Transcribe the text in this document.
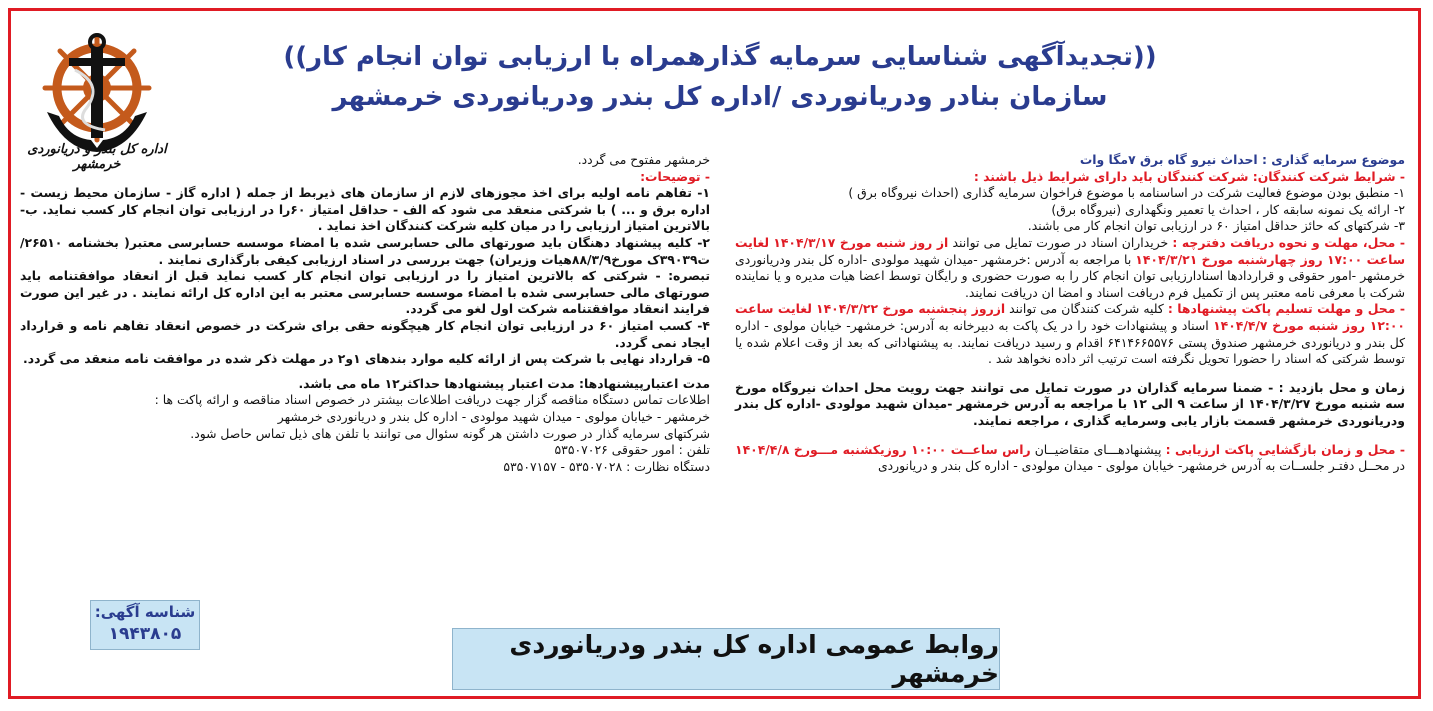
اداره کل بندر و دریانوردی خرمشهر
((تجدیدآگهی شناسایی سرمایه گذارهمراه با ارزیابی توان انجام کار))
سازمان بنادر ودریانوردی /اداره کل بندر ودریانوردی خرمشهر

موضوع سرمایه گذاری : احداث نیرو گاه برق ۷مگا وات

- شرایط شرکت کنندگان: شرکت کنندگان باید دارای شرایط ذیل باشند :

۱- منطبق بودن موضوع فعالیت شرکت در اساسنامه با موضوع فراخوان سرمایه گذاری (احداث نیروگاه برق )

۲- ارائه یک نمونه سابقه کار ، احداث یا تعمیر ونگهداری (نیروگاه برق)

۳- شرکتهای که حائز حداقل امتیاز ۶۰ در ارزیابی توان انجام کار می باشند.

- محل، مهلت و نحوه دریافت دفترچه : خریداران اسناد در صورت تمایل می توانند از روز شنبه مورخ ۱۴۰۴/۳/۱۷ لغایت ساعت ۱۷:۰۰ روز چهارشنبه مورخ ۱۴۰۴/۳/۲۱ با مراجعه به آدرس :خرمشهر -میدان شهید مولودی -اداره کل بندر ودریانوردی خرمشهر -امور حقوقی و قراردادها اسنادارزیابی توان انجام کار را به صورت حضوری و رایگان توسط اعضا هیات مدیره و یا نماینده شرکت با معرفی نامه معتبر پس از تکمیل فرم دریافت اسناد و امضا ان دریافت نمایند.

- محل و مهلت تسلیم پاکت پیشنهادها : کلیه شرکت کنندگان می توانند ازروز پنجشنبه مورخ ۱۴۰۴/۳/۲۲ لغایت ساعت ۱۲:۰۰ روز شنبه مورخ ۱۴۰۴/۴/۷ اسناد و پیشنهادات خود را در یک پاکت به دبیرخانه به آدرس: خرمشهر- خیابان مولوی - اداره کل بندر و دریانوردی خرمشهر صندوق پستی ۶۴۱۴۶۶۵۵۷۶ اقدام و رسید دریافت نمایند. به پیشنهاداتی که بعد از وقت اعلام شده یا توسط شرکتی که اسناد را حضورا تحویل نگرفته است ترتیب اثر داده نخواهد شد .

زمان و محل بازدید : - ضمنا سرمایه گذاران در صورت تمایل می توانند جهت رویت محل احداث نیروگاه مورخ سه شنبه مورخ ۱۴۰۴/۳/۲۷ از ساعت ۹ الی ۱۲ با مراجعه به آدرس خرمشهر -میدان شهید مولودی -اداره کل بندر ودریانوردی خرمشهر قسمت بازار یابی وسرمایه گذاری ، مراجعه نمایند.

- محل و زمان بازگشایی پاکت ارزیابی : پیشنهادهـــای متقاضیــان راس ساعــت ۱۰:۰۰ روزیکشنبه مـــورخ ۱۴۰۴/۴/۸ در محــل دفتـر جلســات به آدرس خرمشهر- خیابان مولوی - میدان مولودی - اداره کل بندر و دریانوردی

خرمشهر مفتوح می گردد.

- توضیحات:

۱- تفاهم نامه اولیه برای اخذ مجوزهای لازم از سازمان های ذیربط از جمله ( اداره گاز - سازمان محیط زیست - اداره برق و ... ) با شرکتی منعقد می شود که الف - حداقل امتیاز ۶۰را در ارزیابی توان انجام کار کسب نماید. ب- بالاترین امتیاز ارزیابی را در میان کلیه شرکت کنندگان اخذ نماید .

۲- کلیه پیشنهاد دهنگان باید صورتهای مالی حسابرسی شده با امضاء موسسه حسابرسی معتبر( بخشنامه ۲۶۵۱۰/ت۳۹۰۳۹ک مورخ۸۸/۳/۹هیات وزیران) جهت بررسی در اسناد ارزیابی کیفی بارگذاری نمایند .

تبصره: - شرکتی که بالاترین امتیاز را در ارزیابی توان انجام کار کسب نماید قبل از انعقاد موافقتنامه باید صورتهای مالی حسابرسی شده با امضاء موسسه حسابرسی معتبر به این اداره کل ارائه نمایند . در غیر این صورت فرایند انعقاد موافقتنامه شرکت اول لغو می گردد.

۴- کسب امتیاز ۶۰ در ارزیابی توان انجام کار هیچگونه حقی برای شرکت در خصوص انعقاد تفاهم نامه و قرارداد ایجاد نمی گردد.

۵- قرارداد نهایی با شرکت پس از ارائه کلیه موارد بندهای ۱و۲ در مهلت ذکر شده در موافقت نامه منعقد می گردد.

مدت اعتبارپیشنهادها: مدت اعتبار پیشنهادها حداکثر۱۲ ماه می باشد.

اطلاعات تماس دستگاه مناقصه گزار جهت دریافت اطلاعات بیشتر در خصوص اسناد مناقصه و ارائه پاکت ها :

خرمشهر - خیابان مولوی - میدان شهید مولودی - اداره کل بندر و دریانوردی خرمشهر

شرکتهای سرمایه گذار در صورت داشتن هر گونه سئوال می توانند با تلفن های ذیل تماس حاصل شود.

تلفن : امور حقوقی ۵۳۵۰۷۰۲۶

دستگاه نظارت : ۵۳۵۰۷۰۲۸ - ۵۳۵۰۷۱۵۷

شناسه آگهی:
۱۹۴۳۸۰۵	روابط عمومی اداره کل بندر ودریانوردی خرمشهر
